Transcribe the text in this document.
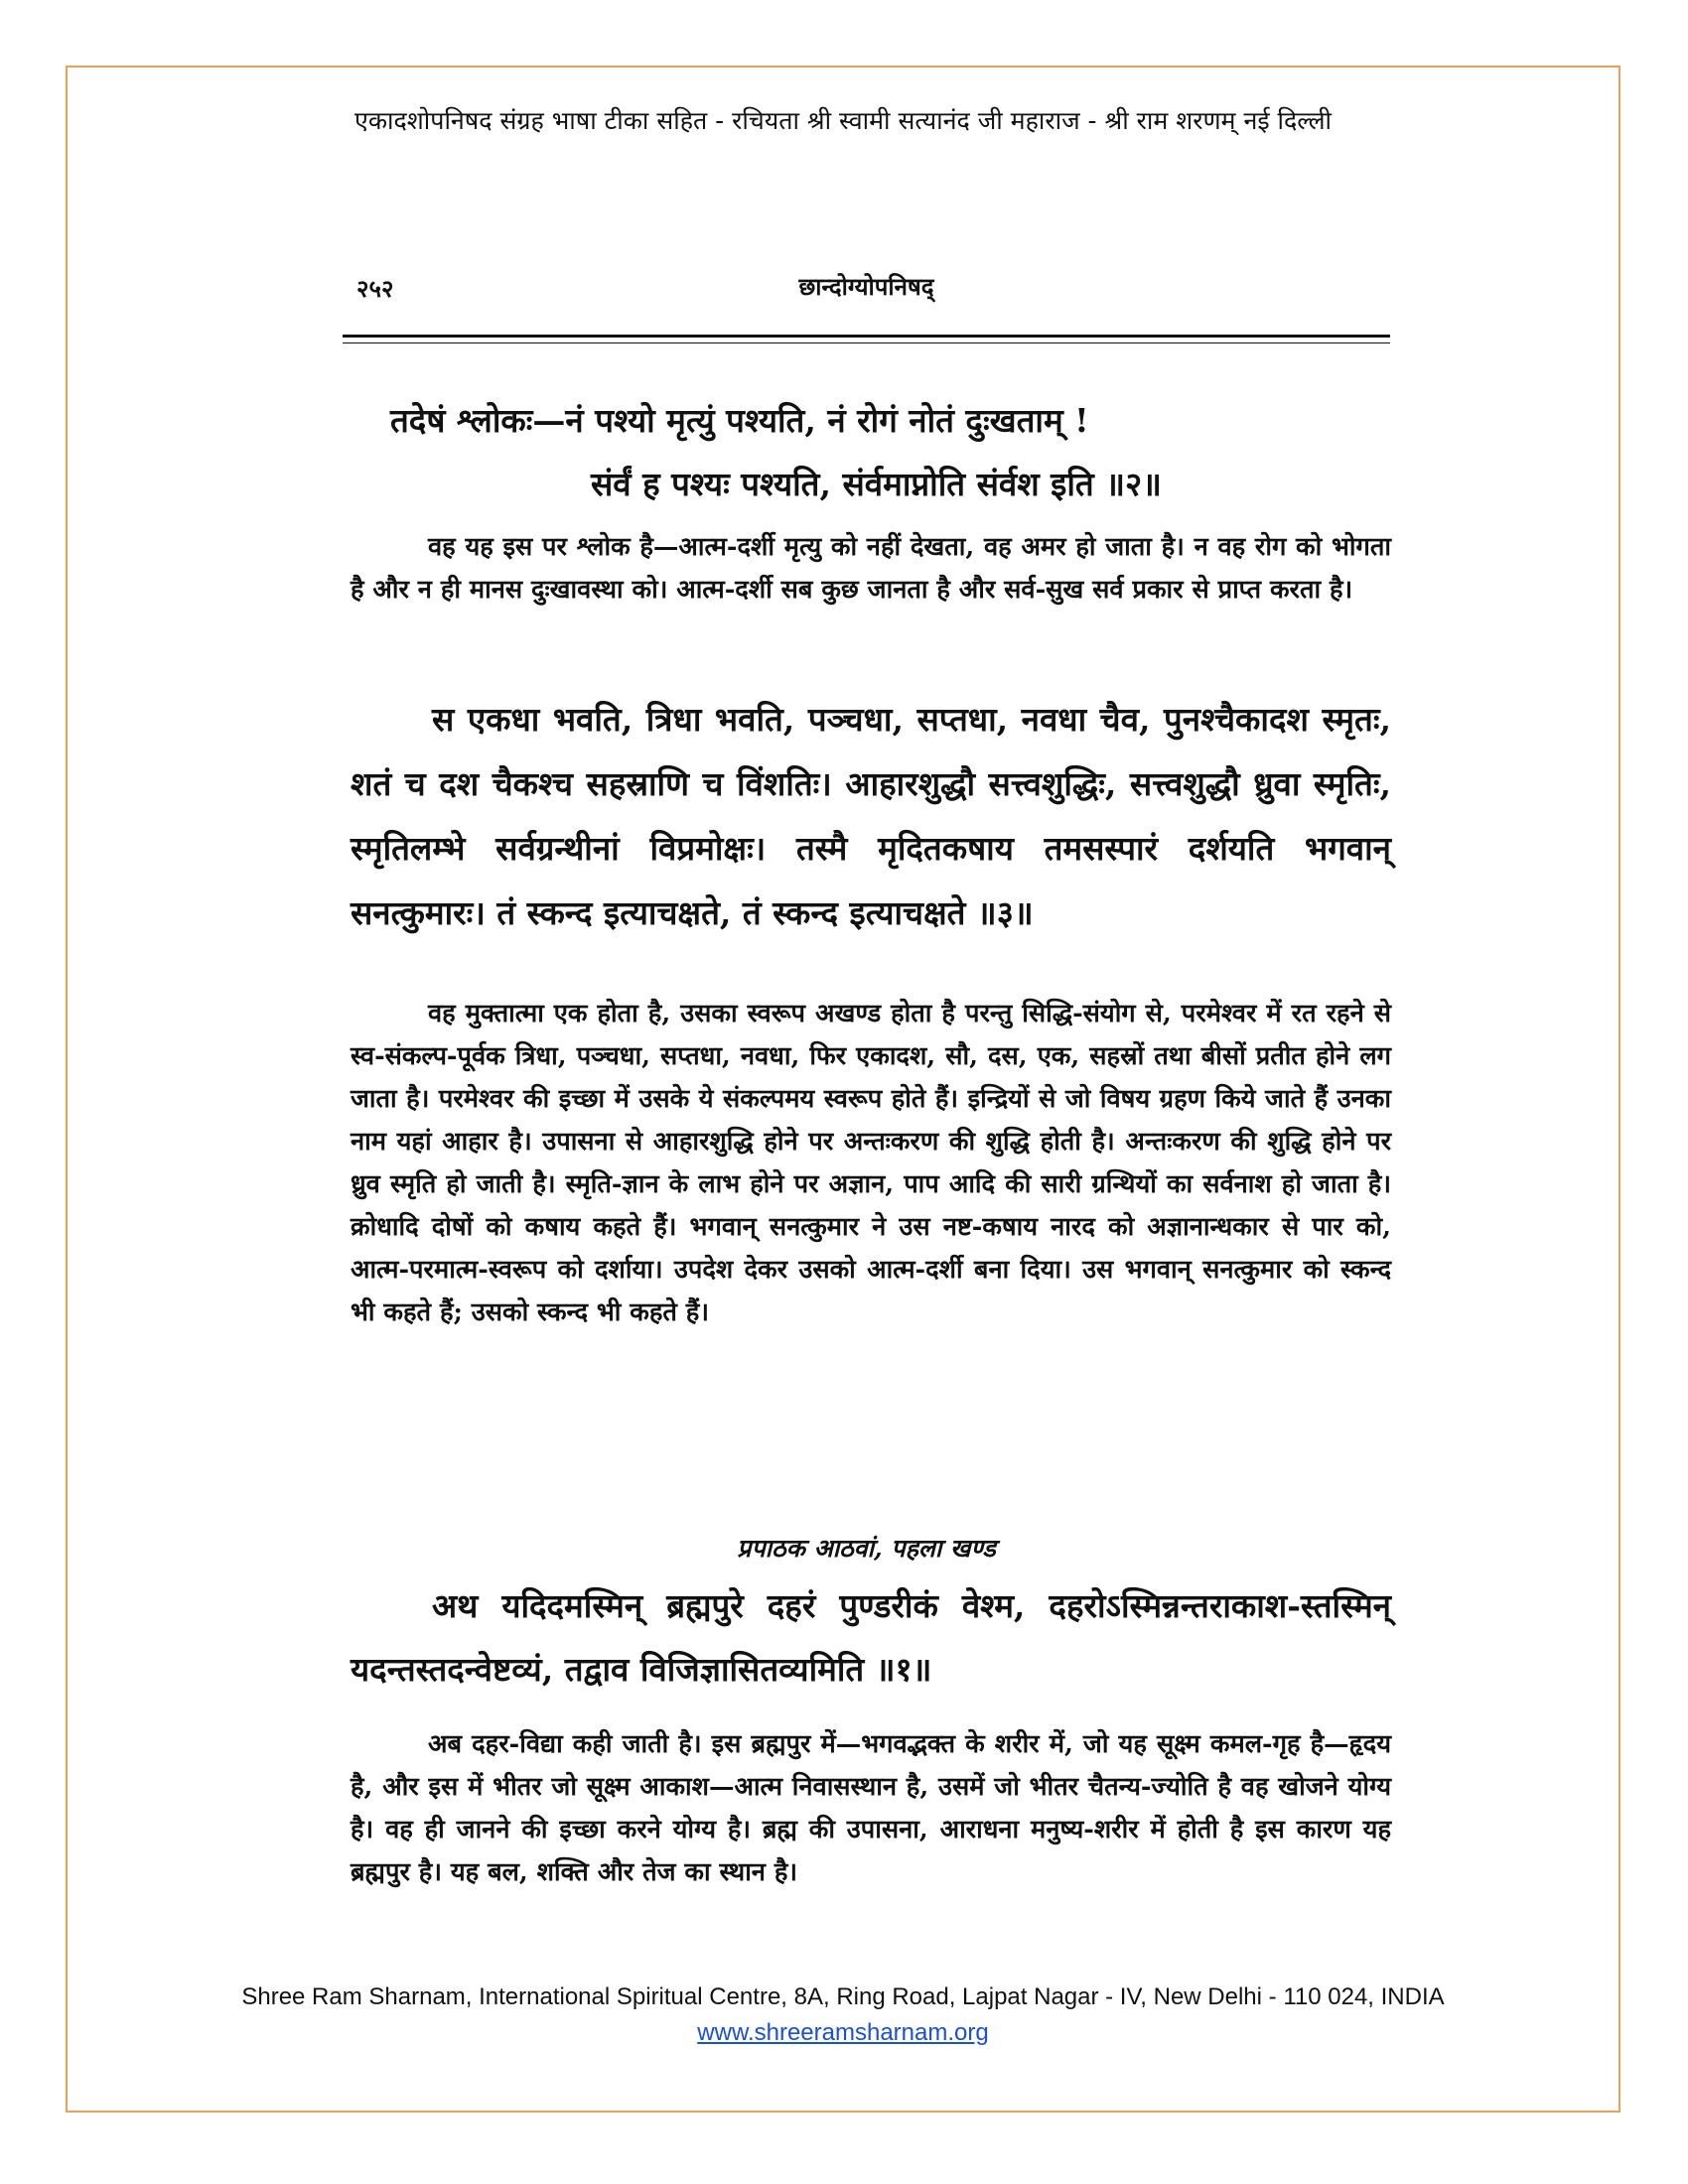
एकादशोपनिषद संग्रह भाषा टीका सहित - रचियता श्री स्वामी सत्यानंद जी महाराज - श्री राम शरणम् नई दिल्ली
२५२	छान्दोग्योपनिषद्
तदेषं श्लोकः—नं पश्यो मृत्युं पश्यति, नं रोगं नोतं दुःखताम् !
संर्वं ह पश्यः पश्यति, संर्वमाप्नोति संर्वश इति ॥२॥
वह यह इस पर श्लोक है—आत्म-दर्शी मृत्यु को नहीं देखता, वह अमर हो जाता है। न वह रोग को भोगता है और न ही मानस दुःखावस्था को। आत्म-दर्शी सब कुछ जानता है और सर्व-सुख सर्व प्रकार से प्राप्त करता है।
स एकधा भवति, त्रिधा भवति, पञ्चधा, सप्तधा, नवधा चैव, पुनश्चैकादश स्मृतः, शतं च दश चैकश्च सहस्राणि च विंशतिः। आहारशुद्धौ सत्त्वशुद्धिः, सत्त्वशुद्धौ ध्रुवा स्मृतिः, स्मृतिलम्भे सर्वग्रन्थीनां विप्रमोक्षः। तस्मै मृदितकषाय तमसस्पारं दर्शयति भगवान् सनत्कुमारः। तं स्कन्द इत्याचक्षते, तं स्कन्द इत्याचक्षते ॥३॥
वह मुक्तात्मा एक होता है, उसका स्वरूप अखण्ड होता है परन्तु सिद्धि-संयोग से, परमेश्वर में रत रहने से स्व-संकल्प-पूर्वक त्रिधा, पञ्चधा, सप्तधा, नवधा, फिर एकादश, सौ, दस, एक, सहस्रों तथा बीसों प्रतीत होने लग जाता है। परमेश्वर की इच्छा में उसके ये संकल्पमय स्वरूप होते हैं। इन्द्रियों से जो विषय ग्रहण किये जाते हैं उनका नाम यहां आहार है। उपासना से आहारशुद्धि होने पर अन्तःकरण की शुद्धि होती है। अन्तःकरण की शुद्धि होने पर ध्रुव स्मृति हो जाती है। स्मृति-ज्ञान के लाभ होने पर अज्ञान, पाप आदि की सारी ग्रन्थियों का सर्वनाश हो जाता है। क्रोधादि दोषों को कषाय कहते हैं। भगवान् सनत्कुमार ने उस नष्ट-कषाय नारद को अज्ञानान्धकार से पार को, आत्म-परमात्म-स्वरूप को दर्शाया। उपदेश देकर उसको आत्म-दर्शी बना दिया। उस भगवान् सनत्कुमार को स्कन्द भी कहते हैं; उसको स्कन्द भी कहते हैं।
प्रपाठक आठवां, पहला खण्ड
अथ यदिदमस्मिन् ब्रह्मपुरे दहरं पुण्डरीकं वेश्म, दहरोऽस्मिन्नन्तराकाश-स्तस्मिन् यदन्तस्तदन्वेष्टव्यं, तद्वाव विजिज्ञासितव्यमिति ॥१॥
अब दहर-विद्या कही जाती है। इस ब्रह्मपुर में—भगवद्भक्त के शरीर में, जो यह सूक्ष्म कमल-गृह है—हृदय है, और इस में भीतर जो सूक्ष्म आकाश—आत्म निवासस्थान है, उसमें जो भीतर चैतन्य-ज्योति है वह खोजने योग्य है। वह ही जानने की इच्छा करने योग्य है। ब्रह्म की उपासना, आराधना मनुष्य-शरीर में होती है इस कारण यह ब्रह्मपुर है। यह बल, शक्ति और तेज का स्थान है।
Shree Ram Sharnam, International Spiritual Centre, 8A, Ring Road, Lajpat Nagar - IV, New Delhi - 110 024, INDIA
www.shreeramsharnam.org
